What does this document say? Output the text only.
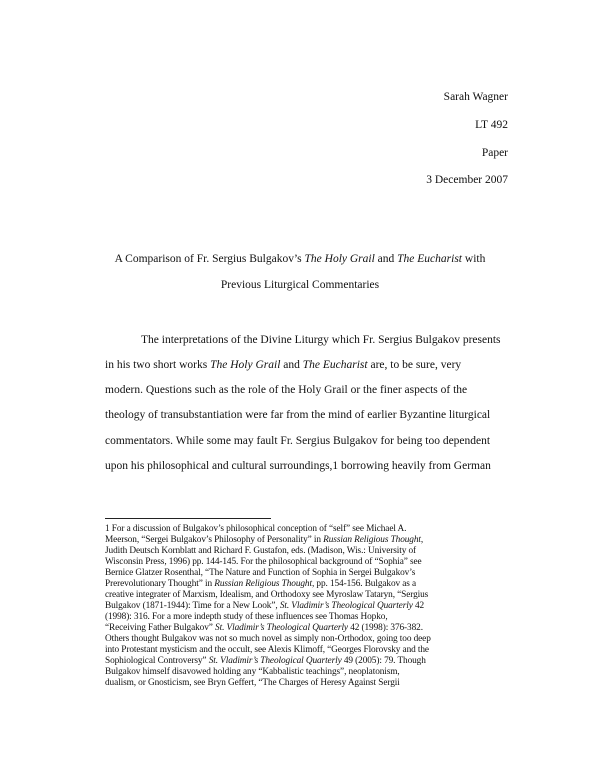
Sarah Wagner
LT 492
Paper
3 December 2007
A Comparison of Fr. Sergius Bulgakov’s The Holy Grail and The Eucharist with
Previous Liturgical Commentaries
The interpretations of the Divine Liturgy which Fr. Sergius Bulgakov presents
in his two short works The Holy Grail and The Eucharist are, to be sure, very
modern. Questions such as the role of the Holy Grail or the finer aspects of the
theology of transubstantiation were far from the mind of earlier Byzantine liturgical
commentators. While some may fault Fr. Sergius Bulgakov for being too dependent
upon his philosophical and cultural surroundings,1 borrowing heavily from German
1 For a discussion of Bulgakov’s philosophical conception of “self” see Michael A.
Meerson, “Sergei Bulgakov’s Philosophy of Personality” in Russian Religious Thought,
Judith Deutsch Kornblatt and Richard F. Gustafon, eds. (Madison, Wis.: University of
Wisconsin Press, 1996) pp. 144-145. For the philosophical background of “Sophia” see
Bernice Glatzer Rosenthal, “The Nature and Function of Sophia in Sergei Bulgakov’s
Prerevolutionary Thought” in Russian Religious Thought, pp. 154-156. Bulgakov as a
creative integrater of Marxism, Idealism, and Orthodoxy see Myroslaw Tataryn, “Sergius
Bulgakov (1871-1944): Time for a New Look”, St. Vladimir’s Theological Quarterly 42
(1998): 316. For a more indepth study of these influences see Thomas Hopko,
“Receiving Father Bulgakov” St. Vladimir’s Theological Quarterly 42 (1998): 376-382.
Others thought Bulgakov was not so much novel as simply non-Orthodox, going too deep
into Protestant mysticism and the occult, see Alexis Klimoff, “Georges Florovsky and the
Sophiological Controversy” St. Vladimir’s Theological Quarterly 49 (2005): 79. Though
Bulgakov himself disavowed holding any “Kabbalistic teachings”, neoplatonism,
dualism, or Gnosticism, see Bryn Geffert, “The Charges of Heresy Against Sergii
